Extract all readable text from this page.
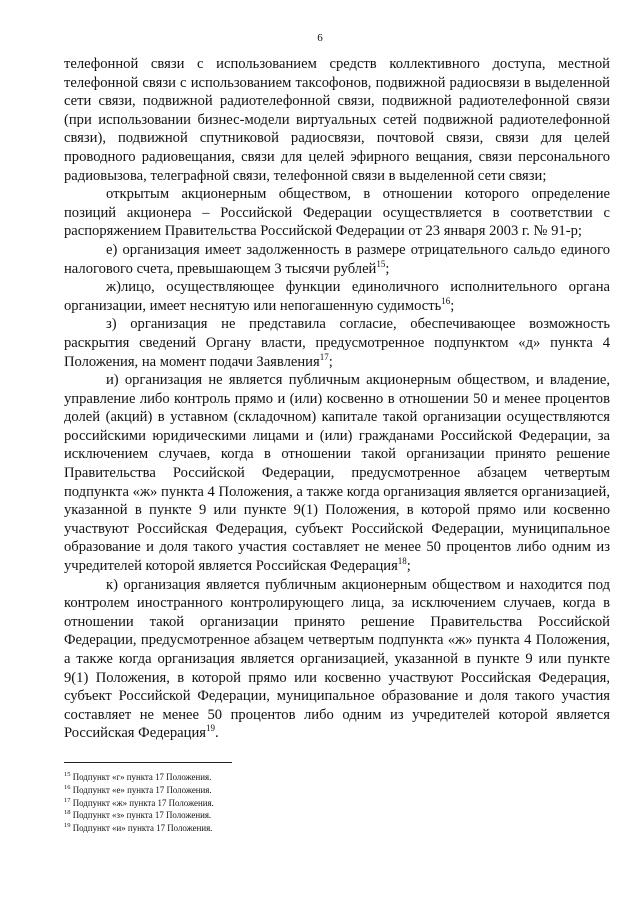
6

телефонной связи с использованием средств коллективного доступа, местной телефонной связи с использованием таксофонов, подвижной радиосвязи в выделенной сети связи, подвижной радиотелефонной связи, подвижной радиотелефонной связи (при использовании бизнес-модели виртуальных сетей подвижной радиотелефонной связи), подвижной спутниковой радиосвязи, почтовой связи, связи для целей проводного радиовещания, связи для целей эфирного вещания, связи персонального радиовызова, телеграфной связи, телефонной связи в выделенной сети связи;

открытым акционерным обществом, в отношении которого определение позиций акционера – Российской Федерации осуществляется в соответствии с распоряжением Правительства Российской Федерации от 23 января 2003 г. № 91-р;

е) организация имеет задолженность в размере отрицательного сальдо единого налогового счета, превышающем 3 тысячи рублей$^{15}$;

ж)лицо, осуществляющее функции единоличного исполнительного органа организации, имеет неснятую или непогашенную судимость$^{16}$;

з) организация не представила согласие, обеспечивающее возможность раскрытия сведений Органу власти, предусмотренное подпунктом «д» пункта 4 Положения, на момент подачи Заявления$^{17}$;

и) организация не является публичным акционерным обществом, и владение, управление либо контроль прямо и (или) косвенно в отношении 50 и менее процентов долей (акций) в уставном (складочном) капитале такой организации осуществляются российскими юридическими лицами и (или) гражданами Российской Федерации, за исключением случаев, когда в отношении такой организации принято решение Правительства Российской Федерации, предусмотренное абзацем четвертым подпункта «ж» пункта 4 Положения, а также когда организация является организацией, указанной в пункте 9 или пункте 9(1) Положения, в которой прямо или косвенно участвуют Российская Федерация, субъект Российской Федерации, муниципальное образование и доля такого участия составляет не менее 50 процентов либо одним из учредителей которой является Российская Федерация$^{18}$;

к) организация является публичным акционерным обществом и находится под контролем иностранного контролирующего лица, за исключением случаев, когда в отношении такой организации принято решение Правительства Российской Федерации, предусмотренное абзацем четвертым подпункта «ж» пункта 4 Положения, а также когда организация является организацией, указанной в пункте 9 или пункте 9(1) Положения, в которой прямо или косвенно участвуют Российская Федерация, субъект Российской Федерации, муниципальное образование и доля такого участия составляет не менее 50 процентов либо одним из учредителей которой является Российская Федерация$^{19}$.

$^{15}$ Подпункт «г» пункта 17 Положения.

$^{16}$ Подпункт «е» пункта 17 Положения.

$^{17}$ Подпункт «ж» пункта 17 Положения.

$^{18}$ Подпункт «з» пункта 17 Положения.

$^{19}$ Подпункт «и» пункта 17 Положения.
